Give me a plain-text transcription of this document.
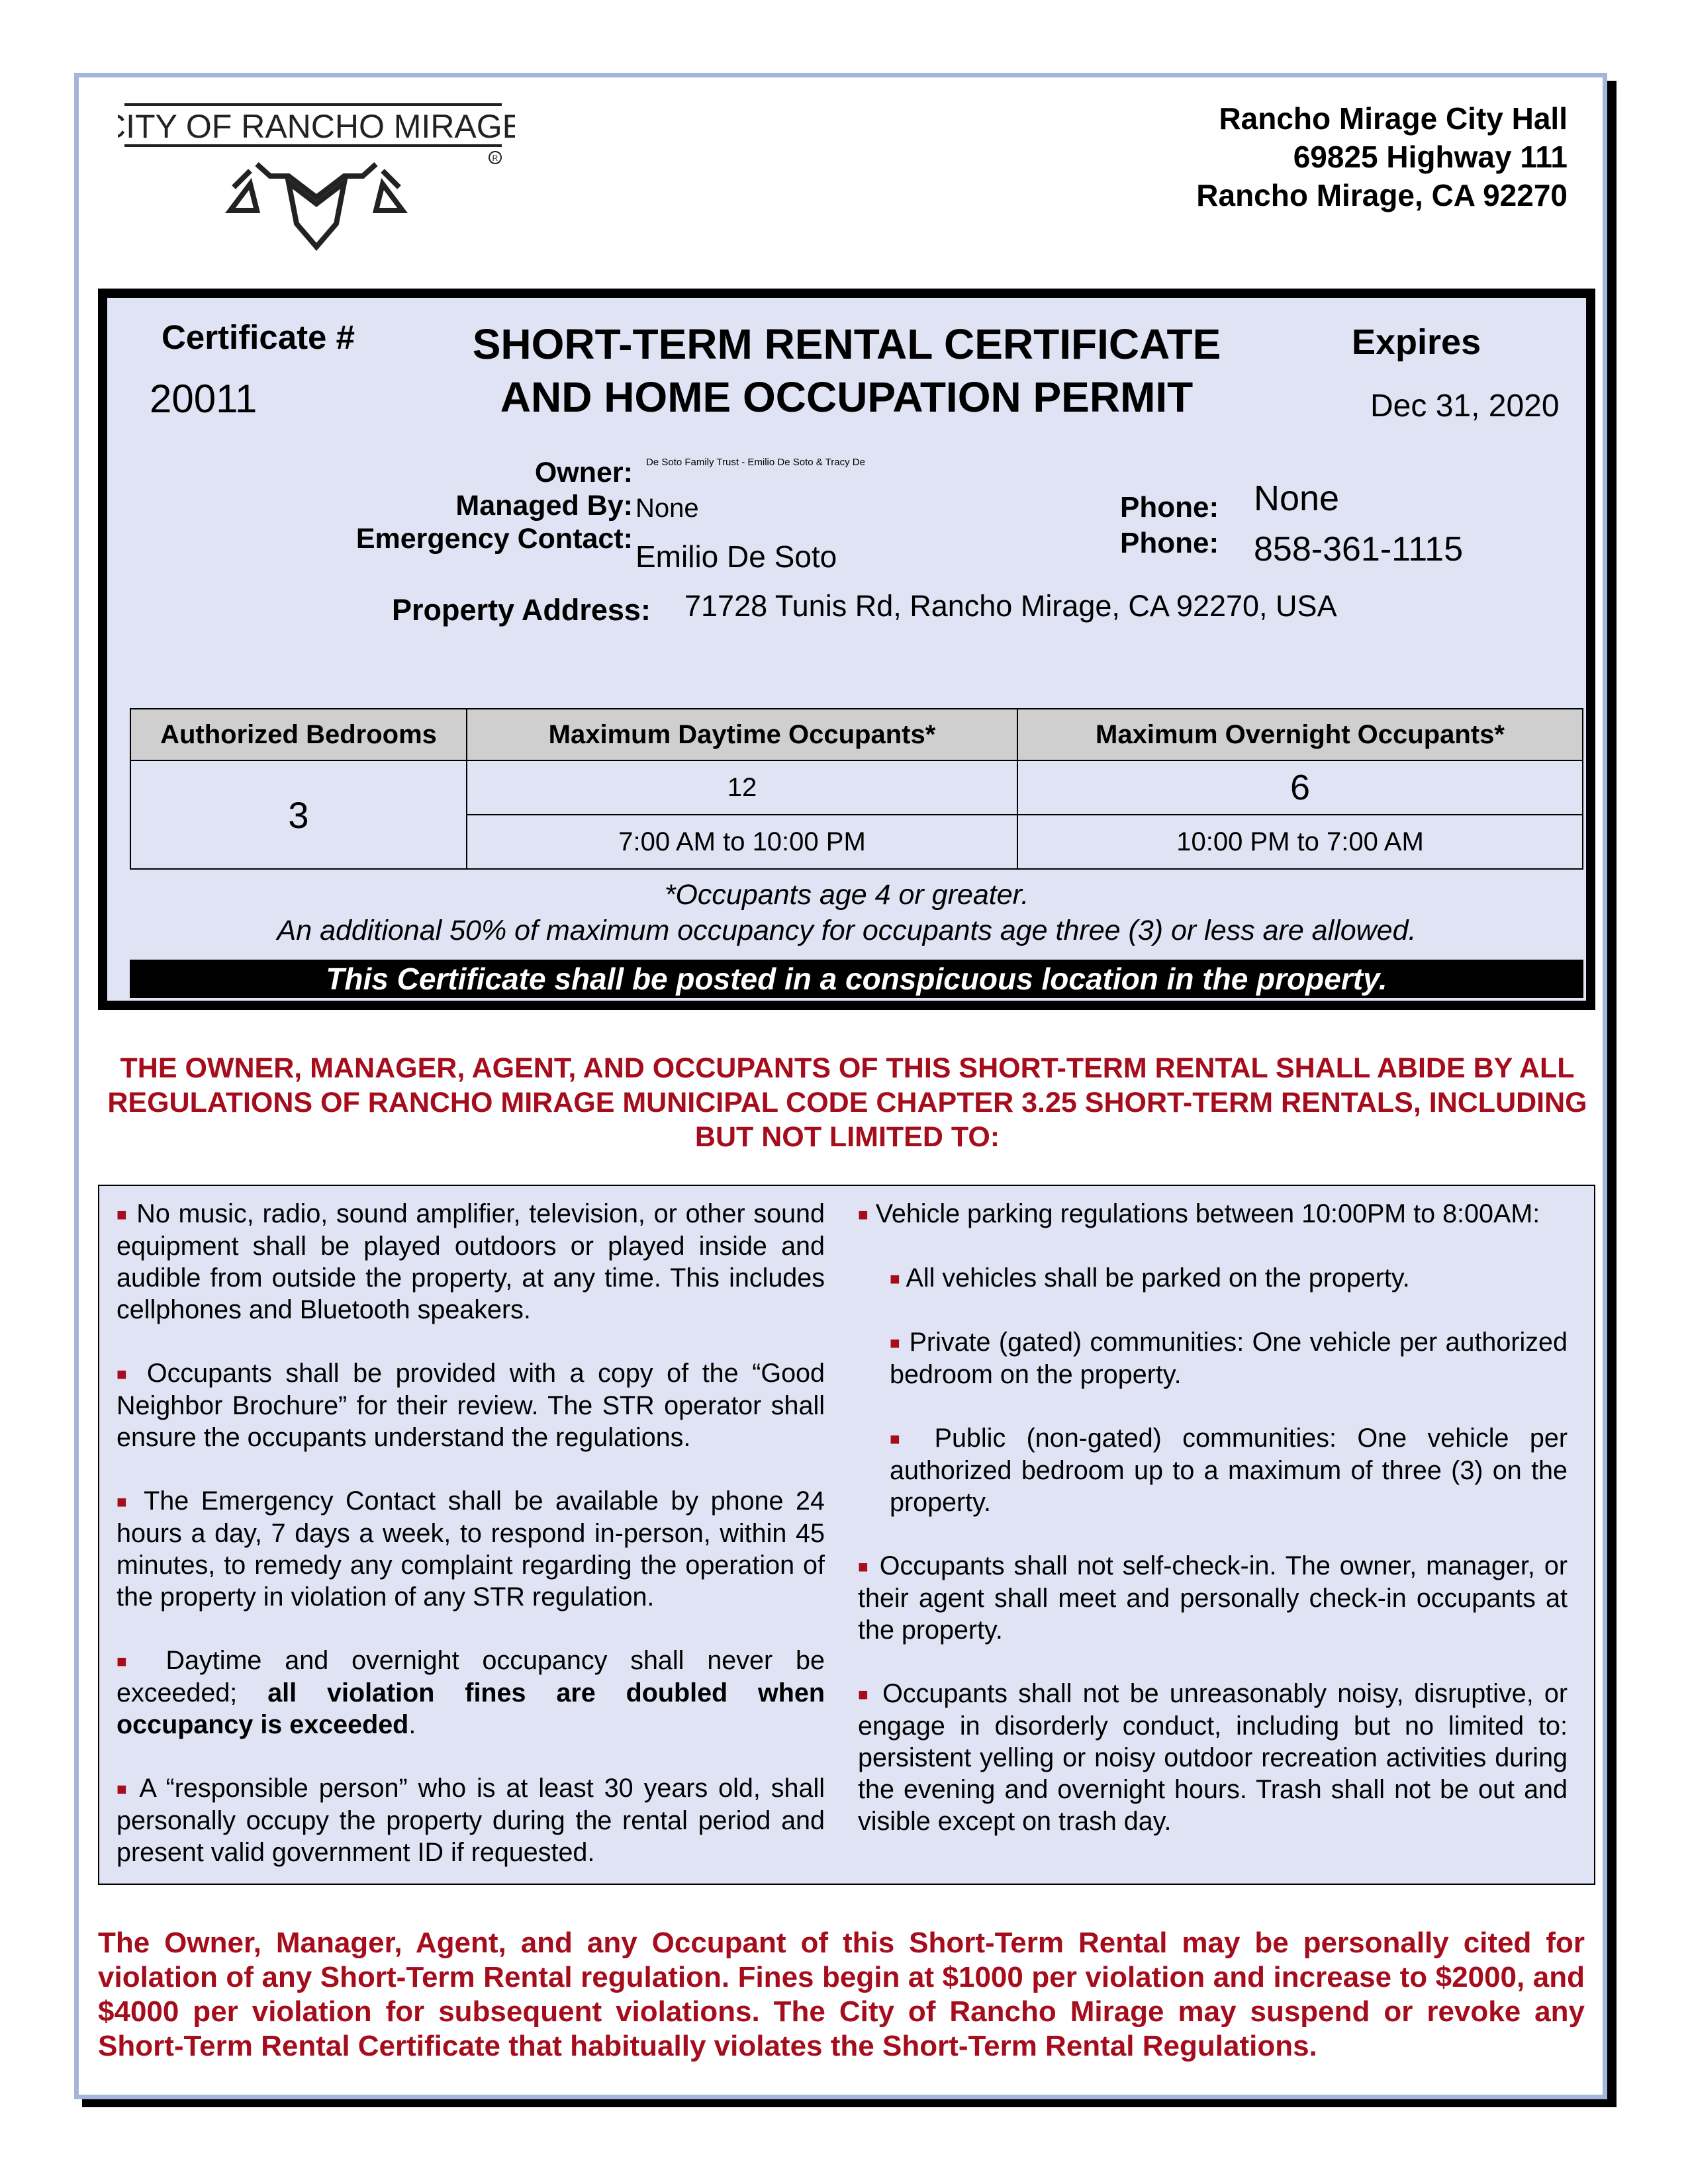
CITY OF RANCHO MIRAGE
R
Rancho Mirage City Hall
69825 Highway 111
Rancho Mirage, CA 92270
Certificate #
20011
SHORT-TERM RENTAL CERTIFICATE
AND HOME OCCUPATION PERMIT
Expires
Dec 31, 2020
Owner: De Soto Family Trust - Emilio De Soto & Tracy De
Managed By: None
Emergency Contact:
Emilio De Soto
Phone: None
Phone: 858-361-1115
Property Address: 71728 Tunis Rd, Rancho Mirage, CA 92270, USA
Authorized Bedrooms	Maximum Daytime Occupants*	Maximum Overnight Occupants*
3	12	6
	7:00 AM to 10:00 PM	10:00 PM to 7:00 AM
*Occupants age 4 or greater.
An additional 50% of maximum occupancy for occupants age three (3) or less are allowed.
This Certificate shall be posted in a conspicuous location in the property.
THE OWNER, MANAGER, AGENT, AND OCCUPANTS OF THIS SHORT-TERM RENTAL SHALL ABIDE BY ALL REGULATIONS OF RANCHO MIRAGE MUNICIPAL CODE CHAPTER 3.25 SHORT-TERM RENTALS, INCLUDING BUT NOT LIMITED TO:

■ No music, radio, sound amplifier, television, or other sound equipment shall be played outdoors or played inside and audible from outside the property, at any time. This includes cellphones and Bluetooth speakers.

■ Occupants shall be provided with a copy of the “Good Neighbor Brochure” for their review. The STR operator shall ensure the occupants understand the regulations.

■ The Emergency Contact shall be available by phone 24 hours a day, 7 days a week, to respond in-person, within 45 minutes, to remedy any complaint regarding the operation of the property in violation of any STR regulation.

■ Daytime and overnight occupancy shall never be exceeded; all violation fines are doubled when occupancy is exceeded.

■ A “responsible person” who is at least 30 years old, shall personally occupy the property during the rental period and present valid government ID if requested.

■ Vehicle parking regulations between 10:00PM to 8:00AM:

■ All vehicles shall be parked on the property.

■ Private (gated) communities: One vehicle per authorized bedroom on the property.

■ Public (non-gated) communities: One vehicle per authorized bedroom up to a maximum of three (3) on the property.

■ Occupants shall not self-check-in. The owner, manager, or their agent shall meet and personally check-in occupants at the property.

■ Occupants shall not be unreasonably noisy, disruptive, or engage in disorderly conduct, including but no limited to: persistent yelling or noisy outdoor recreation activities during the evening and overnight hours. Trash shall not be out and visible except on trash day.

The Owner, Manager, Agent, and any Occupant of this Short-Term Rental may be personally cited for violation of any Short-Term Rental regulation. Fines begin at $1000 per violation and increase to $2000, and $4000 per violation for subsequent violations. The City of Rancho Mirage may suspend or revoke any Short-Term Rental Certificate that habitually violates the Short-Term Rental Regulations.
